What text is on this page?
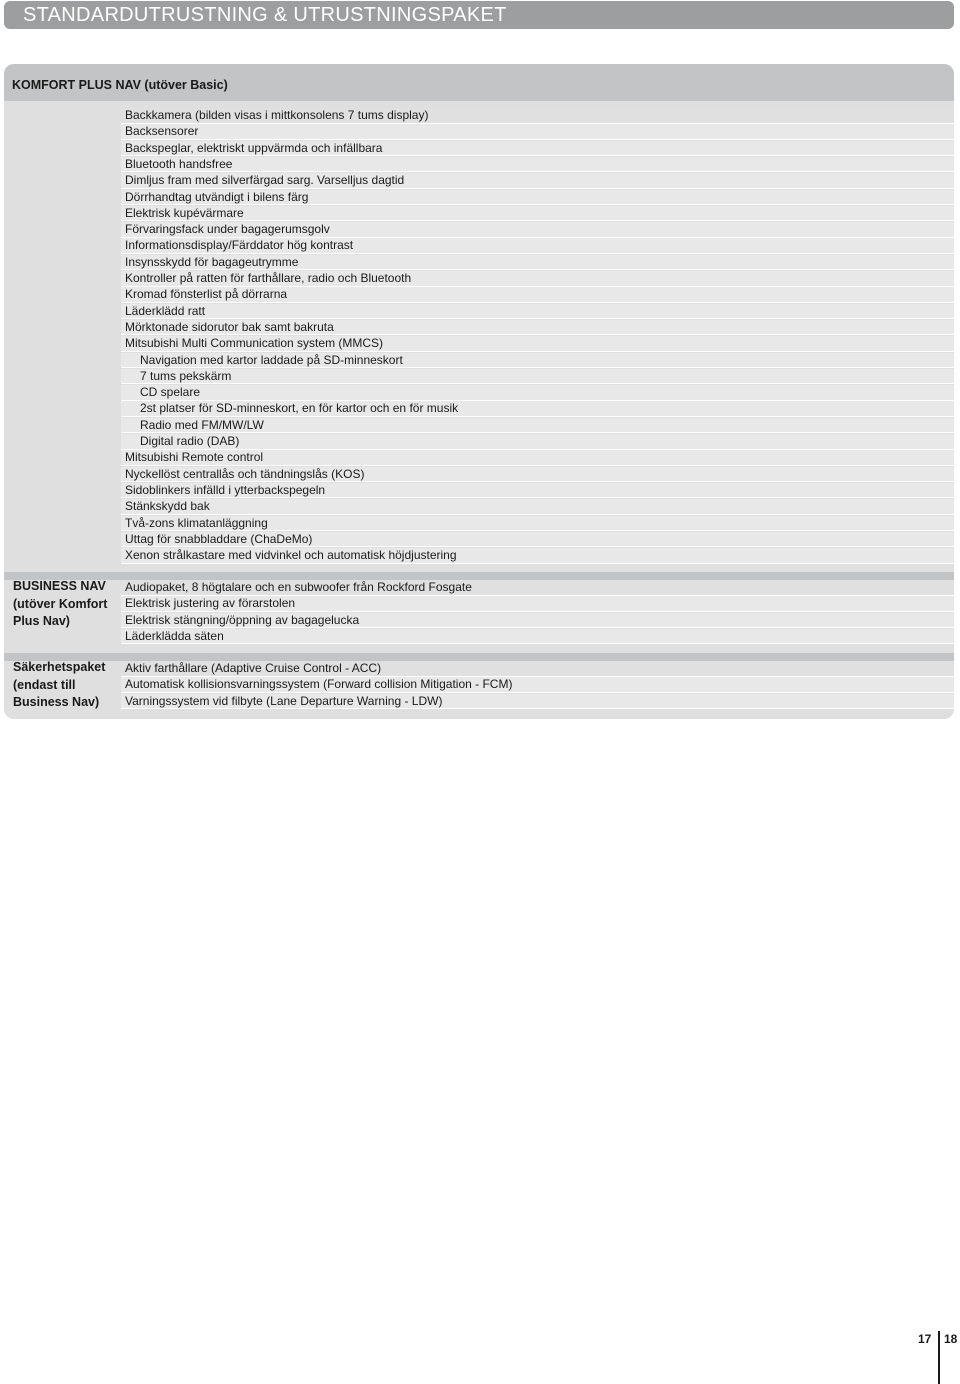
STANDARDUTRUSTNING & UTRUSTNINGSPAKET
KOMFORT PLUS NAV (utöver Basic)
BUSINESS NAV
(utöver Komfort
Plus Nav)
Säkerhetspaket
(endast till
Business Nav)
Backkamera (bilden visas i mittkonsolens 7 tums display)
Backsensorer
Backspeglar, elektriskt uppvärmda och infällbara
Bluetooth handsfree
Dimljus fram med silverfärgad sarg. Varselljus dagtid
Dörrhandtag utvändigt i bilens färg
Elektrisk kupévärmare
Förvaringsfack under bagagerumsgolv
Informationsdisplay/Färddator hög kontrast
Insynsskydd för bagageutrymme
Kontroller på ratten för farthållare, radio och Bluetooth
Kromad fönsterlist på dörrarna
Läderklädd ratt
Mörktonade sidorutor bak samt bakruta
Mitsubishi Multi Communication system (MMCS)
Navigation med kartor laddade på SD-minneskort
7 tums pekskärm
CD spelare
2st platser för SD-minneskort, en för kartor och en för musik
Radio med FM/MW/LW
Digital radio (DAB)
Mitsubishi Remote control
Nyckellöst centrallås och tändningslås (KOS)
Sidoblinkers infälld i ytterbackspegeln
Stänkskydd bak
Två-zons klimatanläggning
Uttag för snabbladdare (ChaDeMo)
Xenon strålkastare med vidvinkel och automatisk höjdjustering
Audiopaket, 8 högtalare och en subwoofer från Rockford Fosgate
Elektrisk justering av förarstolen
Elektrisk stängning/öppning av bagagelucka
Läderklädda säten
Aktiv farthållare (Adaptive Cruise Control - ACC)
Automatisk kollisionsvarningssystem (Forward collision Mitigation - FCM)
Varningssystem vid filbyte (Lane Departure Warning - LDW)
17 18
